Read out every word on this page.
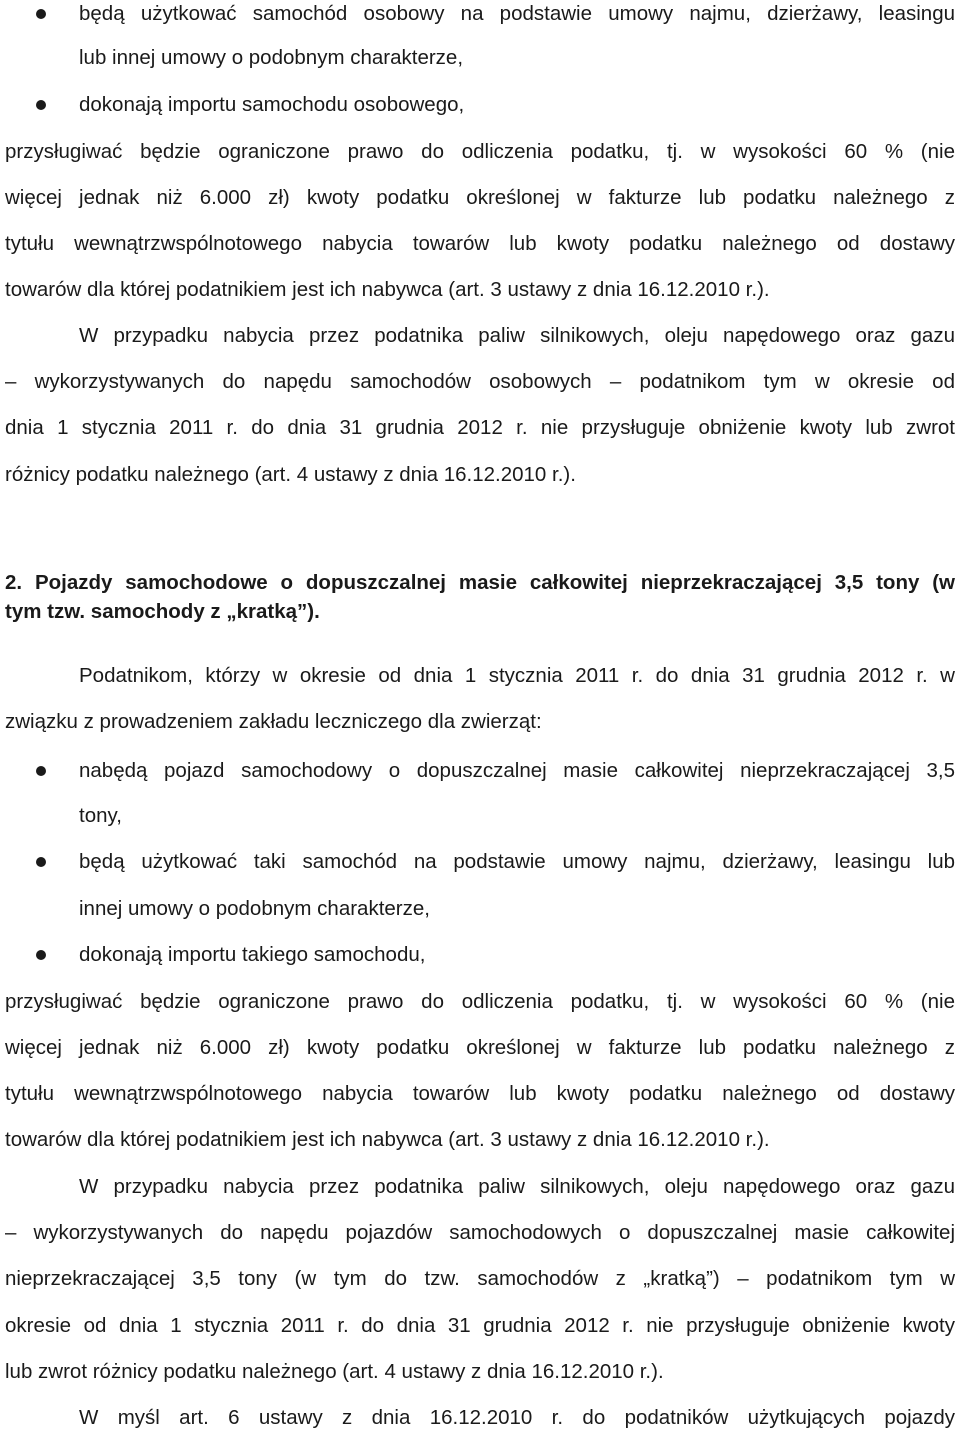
będą użytkować samochód osobowy na podstawie umowy najmu, dzierżawy, leasingu
lub innej umowy o podobnym charakterze,
dokonają importu samochodu osobowego,
przysługiwać będzie ograniczone prawo do odliczenia podatku, tj. w wysokości 60 % (nie
więcej jednak niż 6.000 zł) kwoty podatku określonej w fakturze lub podatku należnego z
tytułu wewnątrzwspólnotowego nabycia towarów lub kwoty podatku należnego od dostawy
towarów dla której podatnikiem jest ich nabywca (art. 3 ustawy z dnia 16.12.2010 r.).
W przypadku nabycia przez podatnika paliw silnikowych, oleju napędowego oraz gazu
– wykorzystywanych do napędu samochodów osobowych – podatnikom tym w okresie od
dnia 1 stycznia 2011 r. do dnia 31 grudnia 2012 r. nie przysługuje obniżenie kwoty lub zwrot
różnicy podatku należnego (art. 4 ustawy z dnia 16.12.2010 r.).
2. Pojazdy samochodowe o dopuszczalnej masie całkowitej nieprzekraczającej 3,5 tony (w
tym tzw. samochody z „kratką”).
Podatnikom, którzy w okresie od dnia 1 stycznia 2011 r. do dnia 31 grudnia 2012 r. w
związku z prowadzeniem zakładu leczniczego dla zwierząt:
nabędą pojazd samochodowy o dopuszczalnej masie całkowitej nieprzekraczającej 3,5
tony,
będą użytkować taki samochód na podstawie umowy najmu, dzierżawy, leasingu lub
innej umowy o podobnym charakterze,
dokonają importu takiego samochodu,
przysługiwać będzie ograniczone prawo do odliczenia podatku, tj. w wysokości 60 % (nie
więcej jednak niż 6.000 zł) kwoty podatku określonej w fakturze lub podatku należnego z
tytułu wewnątrzwspólnotowego nabycia towarów lub kwoty podatku należnego od dostawy
towarów dla której podatnikiem jest ich nabywca (art. 3 ustawy z dnia 16.12.2010 r.).
W przypadku nabycia przez podatnika paliw silnikowych, oleju napędowego oraz gazu
– wykorzystywanych do napędu pojazdów samochodowych o dopuszczalnej masie całkowitej
nieprzekraczającej 3,5 tony (w tym do tzw. samochodów z „kratką”) – podatnikom tym w
okresie od dnia 1 stycznia 2011 r. do dnia 31 grudnia 2012 r. nie przysługuje obniżenie kwoty
lub zwrot różnicy podatku należnego (art. 4 ustawy z dnia 16.12.2010 r.).
W myśl art. 6 ustawy z dnia 16.12.2010 r. do podatników użytkujących pojazdy
